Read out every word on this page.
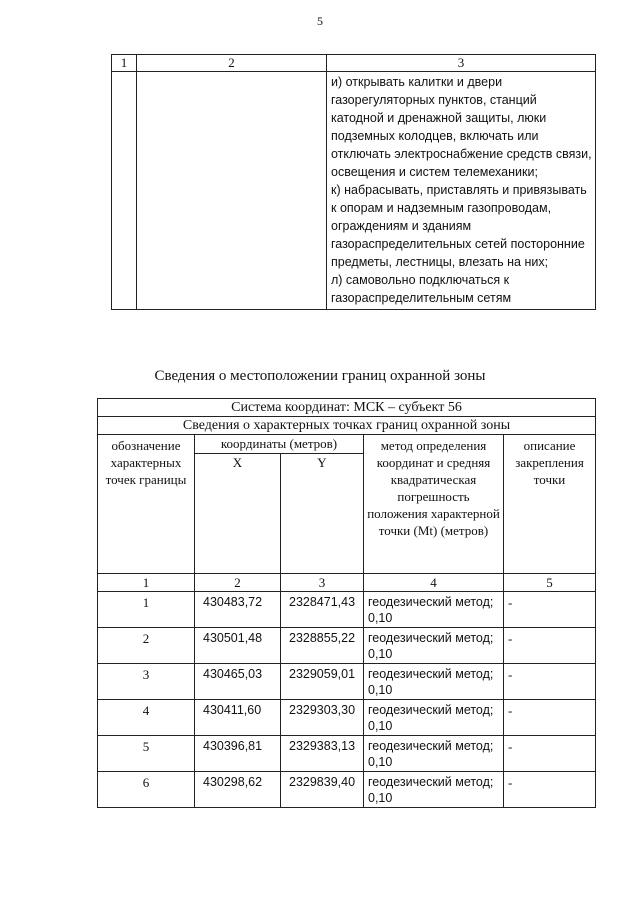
5
1	2	3

		и) открывать калитки и двери газорегуляторных пунктов, станций катодной и дренажной защиты, люки подземных колодцев, включать или отключать электроснабжение средств связи, освещения и систем телемеханики;
к) набрасывать, приставлять и привязывать к опорам и надземным газопроводам, ограждениям и зданиям газораспределительных сетей посторонние предметы, лестницы, влезать на них;
л) самовольно подключаться к газораспределительным сетям
Сведения о местоположении границ охранной зоны
Система координат: МСК – субъект 56				
Сведения о характерных точках границ охранной зоны				
обозначение характерных точек границы	координаты (метров)		метод определения координат и средняя квадратическая погрешность положения характерной точки (Mt) (метров)	описание закрепления точки
	X	Y		
1	2	3	4	5
1	430483,72	2328471,43	геодезический метод; 0,10	-
2	430501,48	2328855,22	геодезический метод; 0,10	-
3	430465,03	2329059,01	геодезический метод; 0,10	-
4	430411,60	2329303,30	геодезический метод; 0,10	-
5	430396,81	2329383,13	геодезический метод; 0,10	-
6	430298,62	2329839,40	геодезический метод; 0,10	-
